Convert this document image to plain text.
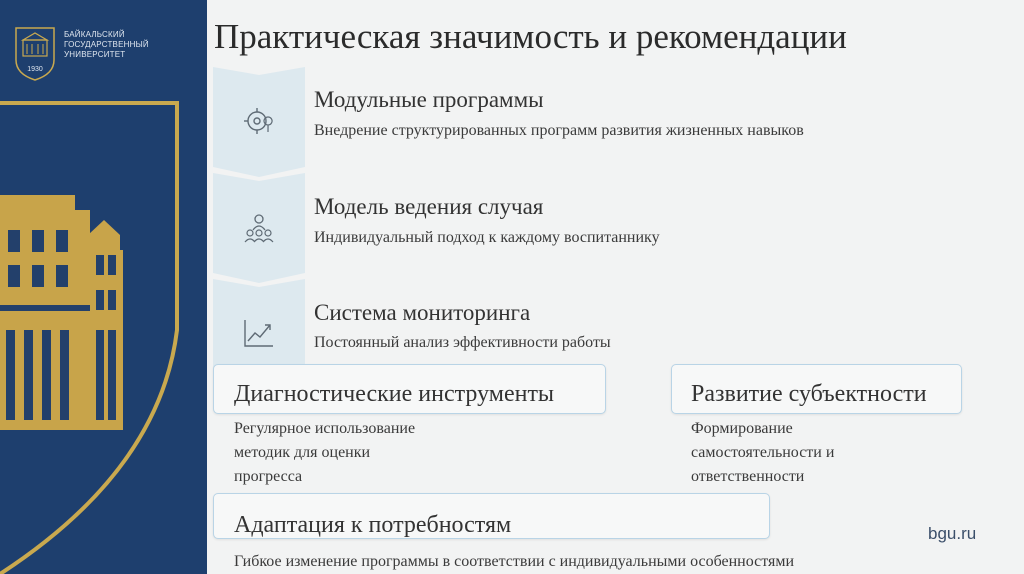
1930
БАЙКАЛЬСКИЙ
ГОСУДАРСТВЕННЫЙ
УНИВЕРСИТЕТ	Практическая значимость и рекомендации
Модульные программы
Внедрение структурированных программ развития жизненных навыков
Модель ведения случая
Индивидуальный подход к каждому воспитаннику
Система мониторинга
Постоянный анализ эффективности работы
Диагностические инструменты
Регулярное использование
методик для оценки
прогресса
Развитие субъектности
Формирование
самостоятельности и
ответственности
Адаптация к потребностям
Гибкое изменение программы в соответствии с индивидуальными особенностями
bgu.ru
